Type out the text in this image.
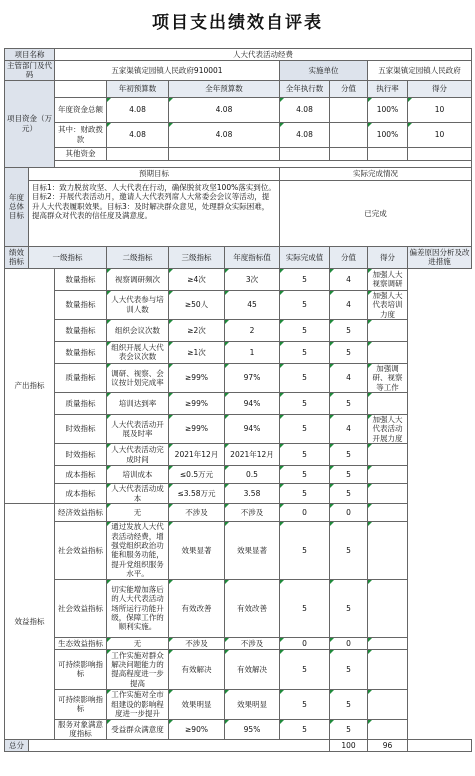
项目支出绩效自评表
项目名称		人大代表活动经费							
主管部门及代码		五家渠镇定园镇人民政府910001				实施单位		五家渠镇定园镇人民政府	
项目资金（万元）			年初预算数	全年预算数		全年执行数	分值	执行率	得分
		年度资金总额	4.08	4.08		4.08		100%	10
		其中：财政拨款	4.08	4.08		4.08		100%	10
		其他资金							

年度总体目标	预期目标					实际完成情况			
	目标1：致力脱贫攻坚、人大代表在行动，确保脱贫攻坚100%落实到位。目标2：开展代表活动月，邀请人大代表列席人大常委会会议等活动，提升人大代表履职效果。目标3：及时解决群众意见，处理群众实际困难，提高群众对代表的信任度及满意度。					已完成			
绩效指标	一级指标		二级指标	三级指标	年度指标值	实际完成值	分值	得分	偏差原因分析及改进措施
产出指标		数量指标	视察调研频次	≥4次	3次	5	4	加强人大视察调研	
		数量指标	人大代表参与培训人数	≥50人	45	5	4	加强人大代表培训力度	
		数量指标	组织会议次数	≥2次	2	5	5		
		数量指标	组织开展人大代表会议次数	≥1次	1	5	5		
		质量指标	调研、视察、会议按计划完成率	≥99%	97%	5	4	加强调研、视察等工作	
		质量指标	培训达到率	≥99%	94%	5	5		
		时效指标	人大代表活动开展及时率	≥99%	94%	5	4	加强人大代表活动开展力度	
		时效指标	人大代表活动完成时间	2021年12月	2021年12月	5	5		
		成本指标	培训成本	≤0.5万元	0.5	5	5		
		成本指标	人大代表活动成本	≤3.58万元	3.58	5	5		
效益指标		经济效益指标	无	不涉及	不涉及	0	0		
		社会效益指标	通过发放人大代表活动经费，增强党组织政治功能和服务功能，提升党组织服务水平。	效果显著	效果显著	5	5		
		社会效益指标	切实能增加落后的人大代表活动场所运行功能升级，保障工作的顺利实施。	有效改善	有效改善	5	5		
		生态效益指标	无	不涉及	不涉及	0	0		
		可持续影响指标	工作实施对群众解决问题能力的提高程度进一步提高	有效解决	有效解决	5	5		
		可持续影响指标	工作实施对全市组建设的影响程度进一步提升	效果明显	效果明显	5	5		
		服务对象满意度指标	受益群众满意度	≥90%	95%	5	5		
总分							100	96	
